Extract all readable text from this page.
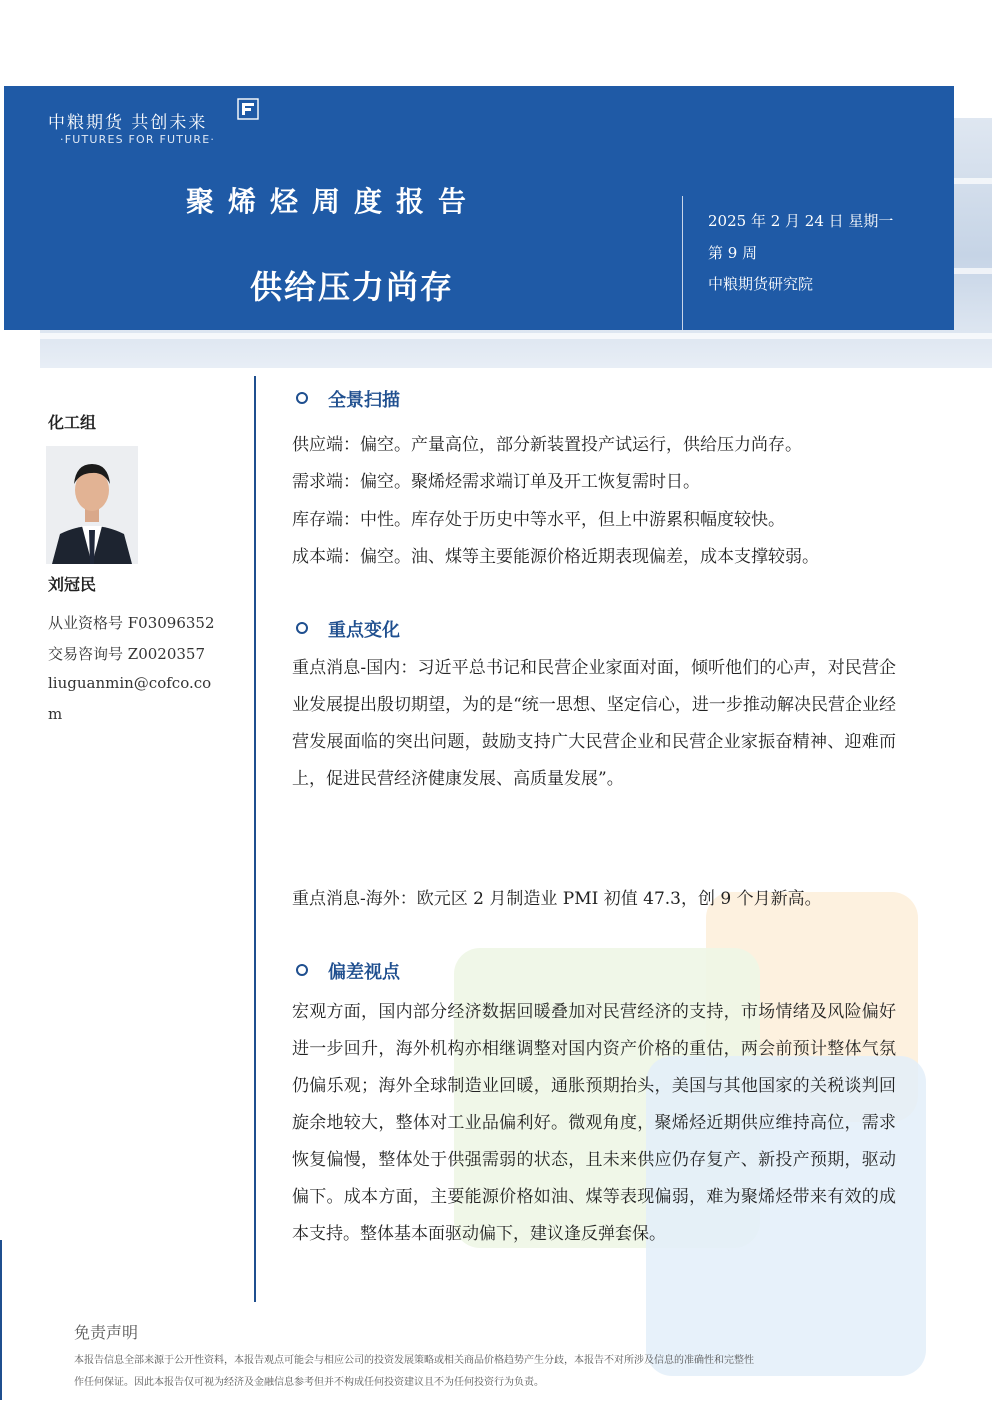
中粮期货 共创未来
·FUTURES FOR FUTURE·
聚烯烃周度报告
供给压力尚存
2025 年 2 月 24 日 星期一
第 9 周
中粮期货研究院
化工组
刘冠民
从业资格号 F03096352
交易咨询号 Z0020357
liuguanmin@cofco.co
m
全景扫描
供应端：偏空。产量高位，部分新装置投产试运行，供给压力尚存。
需求端：偏空。聚烯烃需求端订单及开工恢复需时日。
库存端：中性。库存处于历史中等水平，但上中游累积幅度较快。
成本端：偏空。油、煤等主要能源价格近期表现偏差，成本支撑较弱。
重点变化
重点消息-国内：习近平总书记和民营企业家面对面，倾听他们的心声，对民营企业发展提出殷切期望，为的是“统一思想、坚定信心，进一步推动解决民营企业经营发展面临的突出问题，鼓励支持广大民营企业和民营企业家振奋精神、迎难而上，促进民营经济健康发展、高质量发展”。
重点消息-海外：欧元区 2 月制造业 PMI 初值 47.3，创 9 个月新高。
偏差视点
宏观方面，国内部分经济数据回暖叠加对民营经济的支持，市场情绪及风险偏好进一步回升，海外机构亦相继调整对国内资产价格的重估，两会前预计整体气氛仍偏乐观；海外全球制造业回暖，通胀预期抬头，美国与其他国家的关税谈判回旋余地较大，整体对工业品偏利好。微观角度，聚烯烃近期供应维持高位，需求恢复偏慢，整体处于供强需弱的状态，且未来供应仍存复产、新投产预期，驱动偏下。成本方面，主要能源价格如油、煤等表现偏弱，难为聚烯烃带来有效的成本支持。整体基本面驱动偏下，建议逢反弹套保。
免责声明
本报告信息全部来源于公开性资料，本报告观点可能会与相应公司的投资发展策略或相关商品价格趋势产生分歧，本报告不对所涉及信息的准确性和完整性
作任何保证。因此本报告仅可视为经济及金融信息参考但并不构成任何投资建议且不为任何投资行为负责。
